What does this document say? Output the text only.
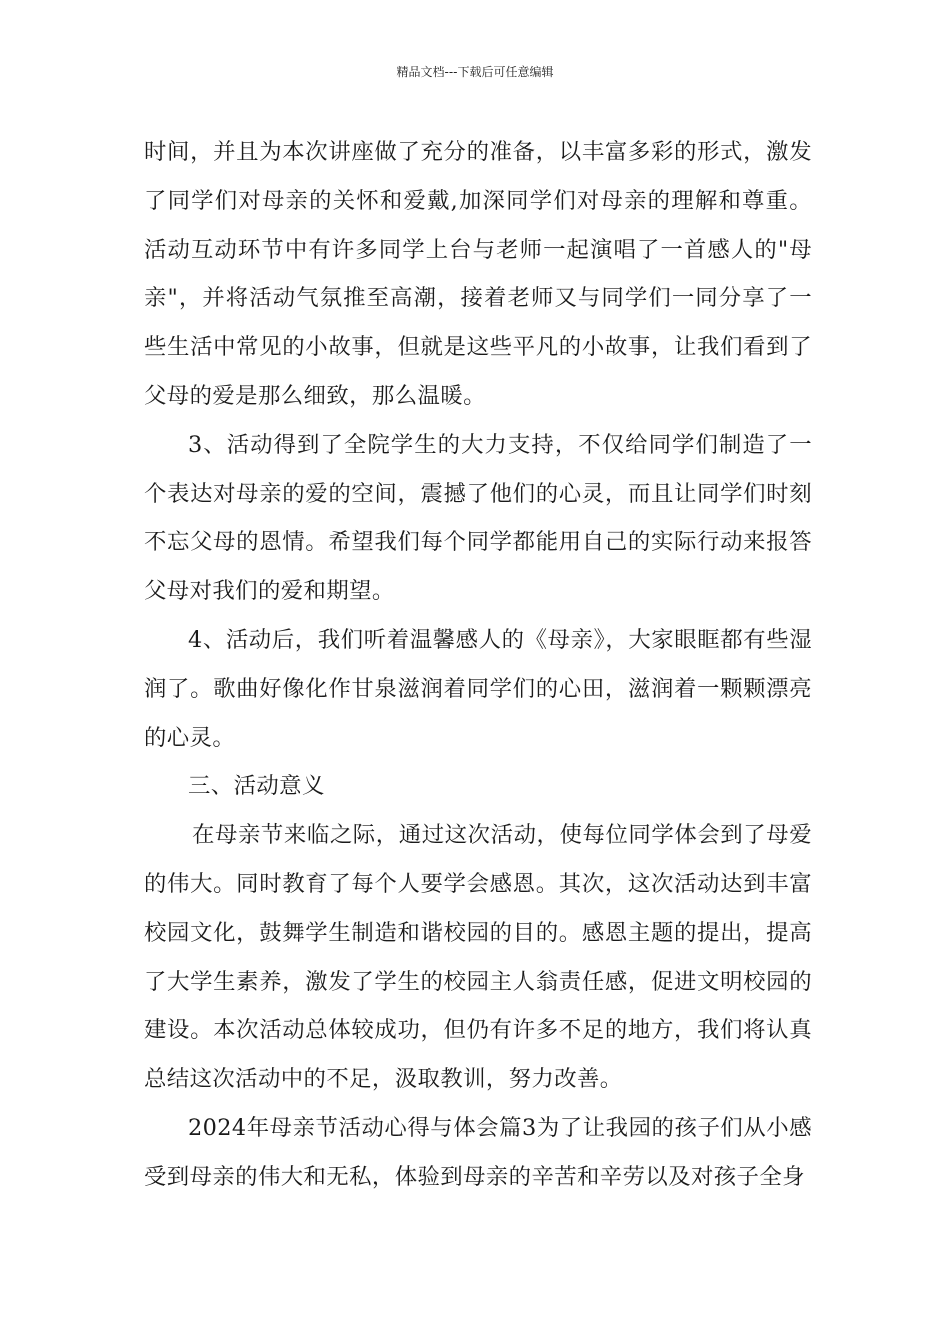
精品文档---下载后可任意编辑

时间，并且为本次讲座做了充分的准备，以丰富多彩的形式，激发了同学们对母亲的关怀和爱戴,加深同学们对母亲的理解和尊重。活动互动环节中有许多同学上台与老师一起演唱了一首感人的"母亲"，并将活动气氛推至高潮，接着老师又与同学们一同分享了一些生活中常见的小故事，但就是这些平凡的小故事，让我们看到了父母的爱是那么细致，那么温暖。

3、活动得到了全院学生的大力支持，不仅给同学们制造了一个表达对母亲的爱的空间，震撼了他们的心灵，而且让同学们时刻不忘父母的恩情。希望我们每个同学都能用自己的实际行动来报答父母对我们的爱和期望。

4、活动后，我们听着温馨感人的《母亲》，大家眼眶都有些湿润了。歌曲好像化作甘泉滋润着同学们的心田，滋润着一颗颗漂亮的心灵。

三、活动意义

在母亲节来临之际，通过这次活动，使每位同学体会到了母爱的伟大。同时教育了每个人要学会感恩。其次，这次活动达到丰富校园文化，鼓舞学生制造和谐校园的目的。感恩主题的提出，提高了大学生素养，激发了学生的校园主人翁责任感，促进文明校园的建设。本次活动总体较成功，但仍有许多不足的地方，我们将认真总结这次活动中的不足，汲取教训，努力改善。

2024年母亲节活动心得与体会篇3为了让我园的孩子们从小感受到母亲的伟大和无私，体验到母亲的辛苦和辛劳以及对孩子全身
